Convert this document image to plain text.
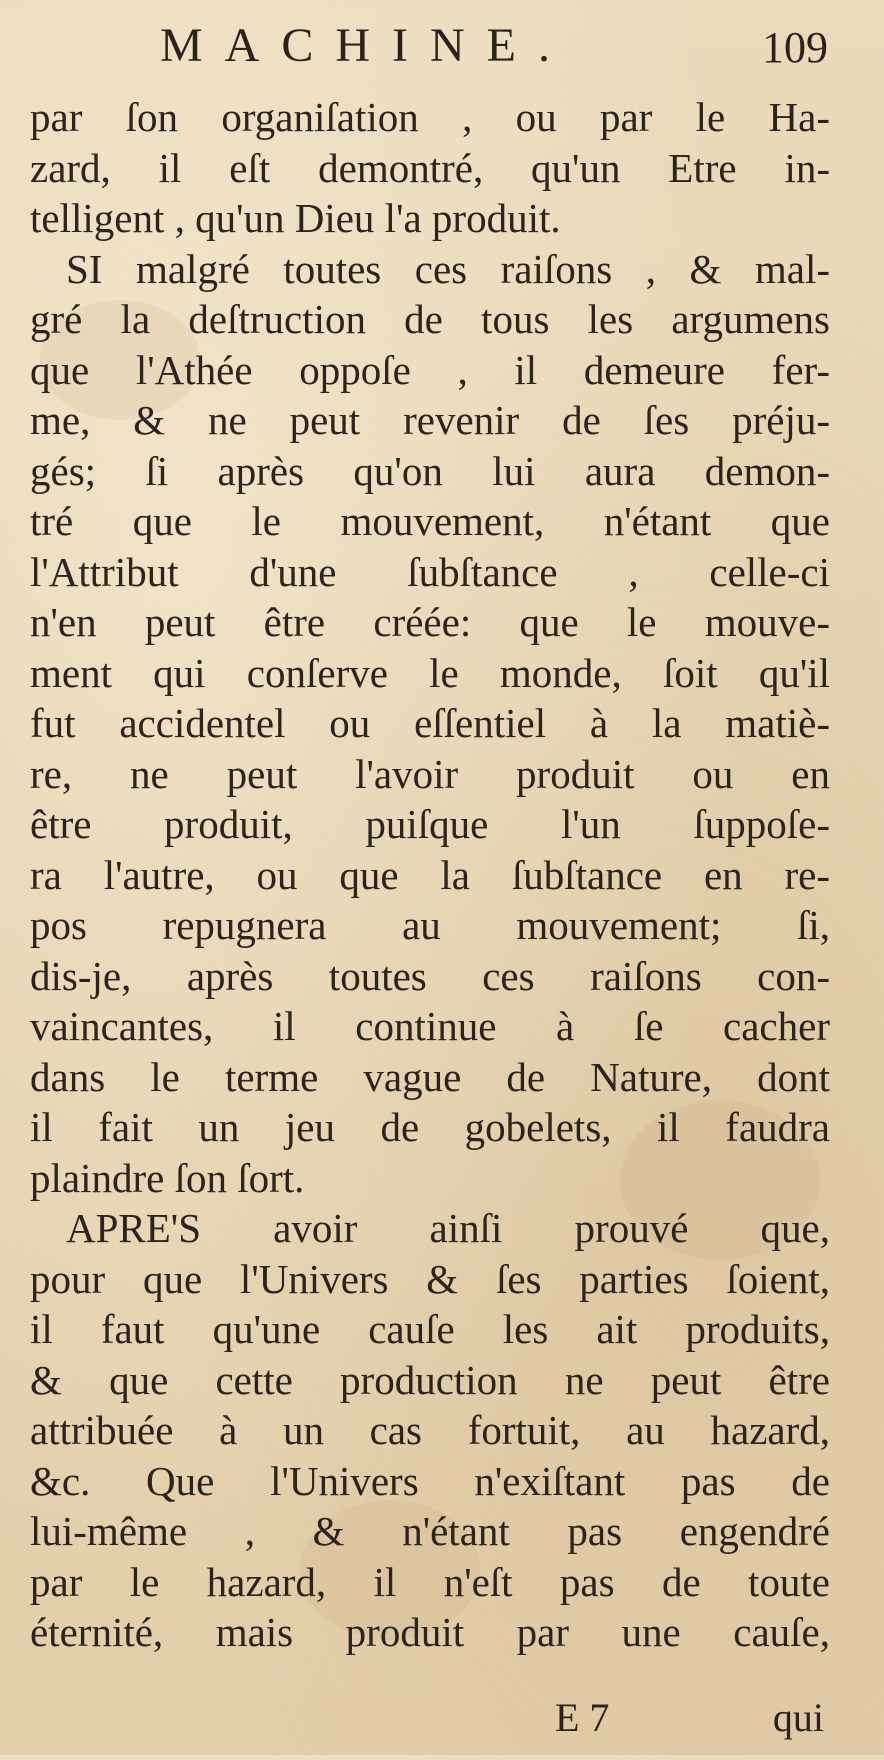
MACHINE.	109
par ſon organiſation , ou par le Ha-
zard, il eſt demontré, qu'un Etre in-
telligent , qu'un Dieu l'a produit.
SI malgré toutes ces raiſons , & mal-
gré la deſtruction de tous les argumens
que l'Athée oppoſe , il demeure fer-
me, & ne peut revenir de ſes préju-
gés; ſi après qu'on lui aura demon-
tré que le mouvement, n'étant que
l'Attribut d'une ſubſtance , celle-ci
n'en peut être créée: que le mouve-
ment qui conſerve le monde, ſoit qu'il
fut accidentel ou eſſentiel à la matiè-
re, ne peut l'avoir produit ou en
être produit, puiſque l'un ſuppoſe-
ra l'autre, ou que la ſubſtance en re-
pos repugnera au mouvement; ſi,
dis-je, après toutes ces raiſons con-
vaincantes, il continue à ſe cacher
dans le terme vague de Nature, dont
il fait un jeu de gobelets, il faudra
plaindre ſon ſort.
APRE'S avoir ainſi prouvé que,
pour que l'Univers & ſes parties ſoient,
il faut qu'une cauſe les ait produits,
& que cette production ne peut être
attribuée à un cas fortuit, au hazard,
&c. Que l'Univers n'exiſtant pas de
lui-même , & n'étant pas engendré
par le hazard, il n'eſt pas de toute
éternité, mais produit par une cauſe,
E 7	qui
